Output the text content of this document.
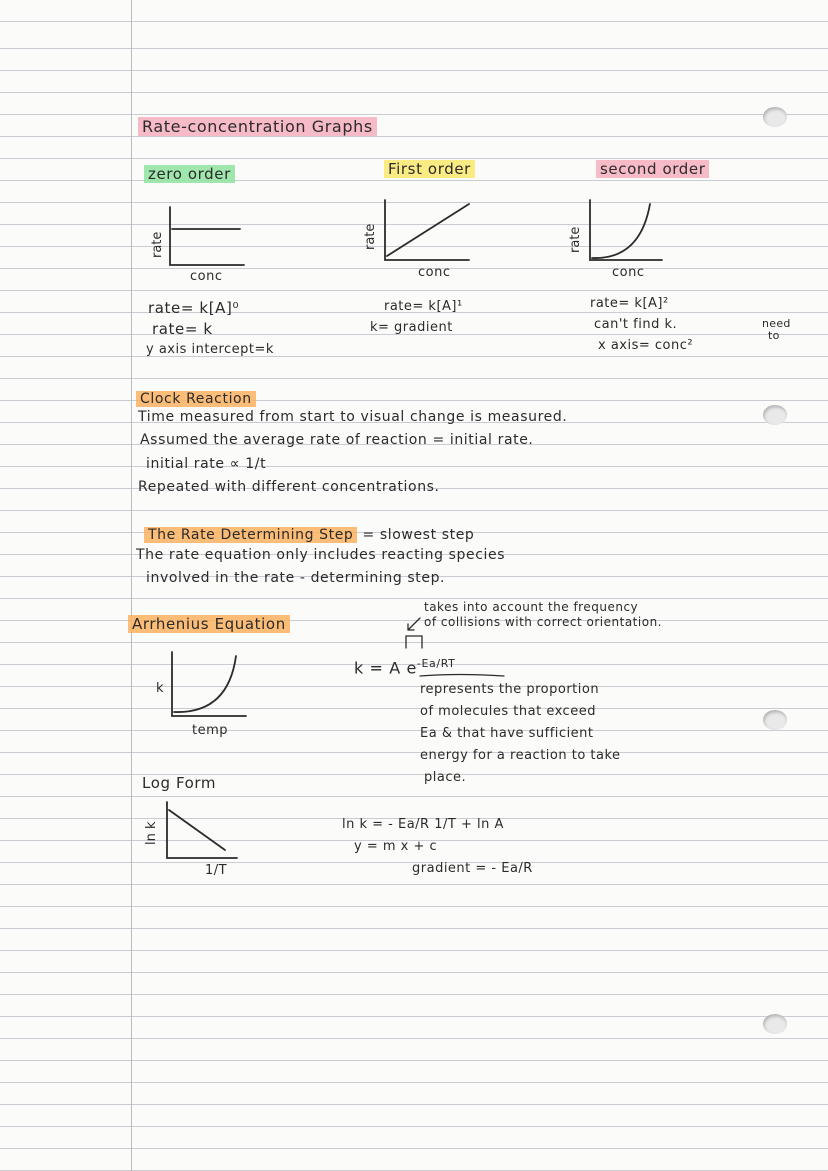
Rate-concentration Graphs
zero order	First order	second order
rate
conc
rate
conc
rate
conc
rate= k[A]⁰
rate= k
y axis intercept=k
rate= k[A]¹
k= gradient
rate= k[A]²
can't find k.
x axis= conc²
need
to
Clock Reaction
Time measured from start to visual change is measured.
Assumed the average rate of reaction = initial rate.
initial rate ∝ 1/t
Repeated with different concentrations.
The Rate Determining Step = slowest step
The rate equation only includes reacting species
involved in the rate - determining step.
Arrhenius Equation
takes into account the frequency
of collisions with correct orientation.
k = A $e^{-Ea/RT}$
represents the proportion
of molecules that exceed
Ea & that have sufficient
energy for a reaction to take
place.
k
temp
Log Form
ln k
1/T
ln k = - Ea/R 1/T + ln A
y = m x + c
gradient = - Ea/R
